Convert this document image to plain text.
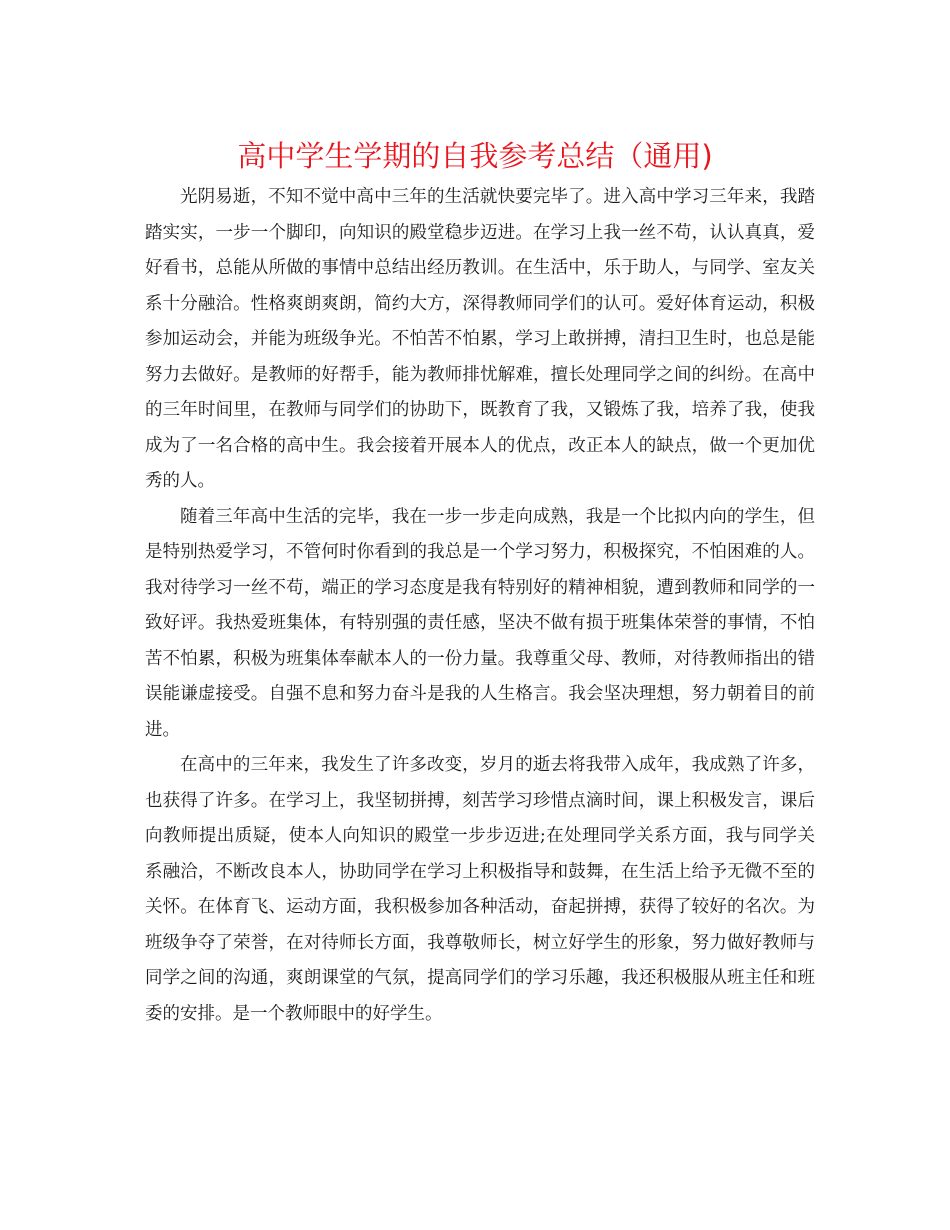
高中学生学期的自我参考总结（通用)

光阴易逝，不知不觉中高中三年的生活就快要完毕了。进入高中学习三年来，我踏踏实实，一步一个脚印，向知识的殿堂稳步迈进。在学习上我一丝不苟，认认真真，爱好看书，总能从所做的事情中总结出经历教训。在生活中，乐于助人，与同学、室友关系十分融洽。性格爽朗爽朗，简约大方，深得教师同学们的认可。爱好体育运动，积极参加运动会，并能为班级争光。不怕苦不怕累，学习上敢拼搏，清扫卫生时，也总是能努力去做好。是教师的好帮手，能为教师排忧解难，擅长处理同学之间的纠纷。在高中的三年时间里，在教师与同学们的协助下，既教育了我，又锻炼了我，培养了我，使我成为了一名合格的高中生。我会接着开展本人的优点，改正本人的缺点，做一个更加优秀的人。

随着三年高中生活的完毕，我在一步一步走向成熟，我是一个比拟内向的学生，但是特别热爱学习，不管何时你看到的我总是一个学习努力，积极探究，不怕困难的人。我对待学习一丝不苟，端正的学习态度是我有特别好的精神相貌，遭到教师和同学的一致好评。我热爱班集体，有特别强的责任感，坚决不做有损于班集体荣誉的事情，不怕苦不怕累，积极为班集体奉献本人的一份力量。我尊重父母、教师，对待教师指出的错误能谦虚接受。自强不息和努力奋斗是我的人生格言。我会坚决理想，努力朝着目的前进。

在高中的三年来，我发生了许多改变，岁月的逝去将我带入成年，我成熟了许多，也获得了许多。在学习上，我坚韧拼搏，刻苦学习珍惜点滴时间，课上积极发言，课后向教师提出质疑，使本人向知识的殿堂一步步迈进;在处理同学关系方面，我与同学关系融洽，不断改良本人，协助同学在学习上积极指导和鼓舞，在生活上给予无微不至的关怀。在体育飞、运动方面，我积极参加各种活动，奋起拼搏，获得了较好的名次。为班级争夺了荣誉，在对待师长方面，我尊敬师长，树立好学生的形象，努力做好教师与同学之间的沟通，爽朗课堂的气氛，提高同学们的学习乐趣，我还积极服从班主任和班委的安排。是一个教师眼中的好学生。
